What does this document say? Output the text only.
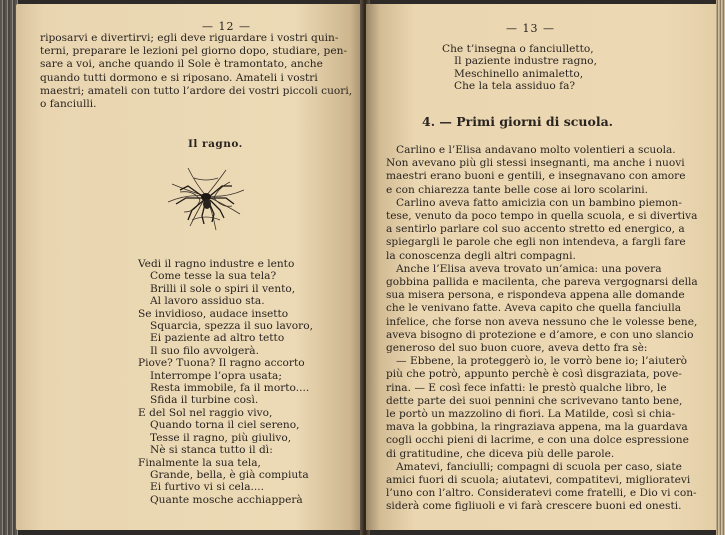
— 12 —
riposarvi e divertirvi; egli deve riguardare i vostri quin-
terni, preparare le lezioni pel giorno dopo, studiare, pen-
sare a voi, anche quando il Sole è tramontato, anche
quando tutti dormono e si riposano. Amateli i vostri
maestri; amateli con tutto l’ardore dei vostri piccoli cuori,
o fanciulli.
Il ragno.
Vedi il ragno industre e lento
Come tesse la sua tela?
Brilli il sole o spiri il vento,
Al lavoro assiduo sta.
Se invidioso, audace insetto
Squarcia, spezza il suo lavoro,
Ei paziente ad altro tetto
Il suo filo avvolgerà.
Piove? Tuona? Il ragno accorto
Interrompe l’opra usata;
Resta immobile, fa il morto....
Sfida il turbine così.
E del Sol nel raggio vivo,
Quando torna il ciel sereno,
Tesse il ragno, più giulivo,
Nè si stanca tutto il dì:
Finalmente la sua tela,
Grande, bella, è già compiuta
Ei furtivo vi si cela....
Quante mosche acchiapperà
— 13 —
Che t’insegna o fanciulletto,
Il paziente industre ragno,
Meschinello animaletto,
Che la tela assiduo fa?
4. — Primi giorni di scuola.
Carlino e l’Elisa andavano molto volentieri a scuola.
Non avevano più gli stessi insegnanti, ma anche i nuovi
maestri erano buoni e gentili, e insegnavano con amore
e con chiarezza tante belle cose ai loro scolarini.
Carlino aveva fatto amicizia con un bambino piemon-
tese, venuto da poco tempo in quella scuola, e si divertiva
a sentirlo parlare col suo accento stretto ed energico, a
spiegargli le parole che egli non intendeva, a fargli fare
la conoscenza degli altri compagni.
Anche l’Elisa aveva trovato un’amica: una povera
gobbina pallida e macilenta, che pareva vergognarsi della
sua misera persona, e rispondeva appena alle domande
che le venivano fatte. Aveva capito che quella fanciulla
infelice, che forse non aveva nessuno che le volesse bene,
aveva bisogno di protezione e d’amore, e con uno slancio
generoso del suo buon cuore, aveva detto fra sè:
— Ebbene, la proteggerò io, le vorrò bene io; l’aiuterò
più che potrò, appunto perchè è così disgraziata, pove-
rina. — E così fece infatti: le prestò qualche libro, le
dette parte dei suoi pennini che scrivevano tanto bene,
le portò un mazzolino di fiori. La Matilde, così si chia-
mava la gobbina, la ringraziava appena, ma la guardava
cogli occhi pieni di lacrime, e con una dolce espressione
di gratitudine, che diceva più delle parole.
Amatevi, fanciulli; compagni di scuola per caso, siate
amici fuori di scuola; aiutatevi, compatitevi, miglioratevi
l’uno con l’altro. Consideratevi come fratelli, e Dio vi con-
siderà come figliuoli e vi farà crescere buoni ed onesti.
